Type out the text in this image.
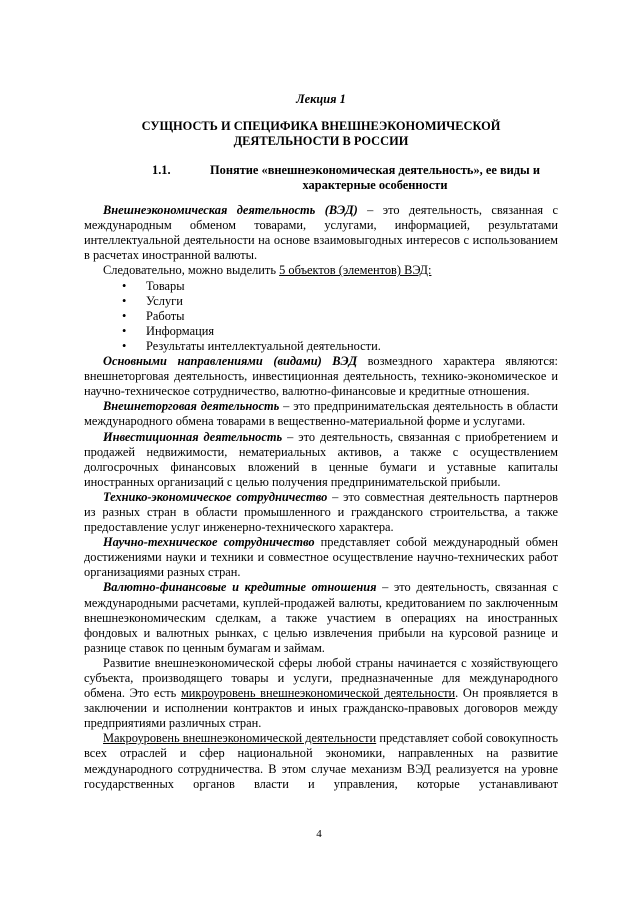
Лекция 1
СУЩНОСТЬ И СПЕЦИФИКА ВНЕШНЕЭКОНОМИЧЕСКОЙ
ДЕЯТЕЛЬНОСТИ В РОССИИ
1.1.	Понятие «внешнеэкономическая деятельность», ее виды и
характерные особенности

Внешнеэкономическая деятельность (ВЭД) – это деятельность, связанная с международным обменом товарами, услугами, информацией, результатами интеллектуальной деятельности на основе взаимовыгодных интересов с использованием в расчетах иностранной валюты.

Следовательно, можно выделить 5 объектов (элементов) ВЭД:

• Товары
• Услуги
• Работы
• Информация
• Результаты интеллектуальной деятельности.

Основными направлениями (видами) ВЭД возмездного характера являются: внешнеторговая деятельность, инвестиционная деятельность, технико-экономическое и научно-техническое сотрудничество, валютно-финансовые и кредитные отношения.

Внешнеторговая деятельность – это предпринимательская деятельность в области международного обмена товарами в вещественно-материальной форме и услугами.

Инвестиционная деятельность – это деятельность, связанная с приобретением и продажей недвижимости, нематериальных активов, а также с осуществлением долгосрочных финансовых вложений в ценные бумаги и уставные капиталы иностранных организаций с целью получения предпринимательской прибыли.

Технико-экономическое сотрудничество – это совместная деятельность партнеров из разных стран в области промышленного и гражданского строительства, а также предоставление услуг инженерно-технического характера.

Научно-техническое сотрудничество представляет собой международный обмен достижениями науки и техники и совместное осуществление научно-технических работ организациями разных стран.

Валютно-финансовые и кредитные отношения – это деятельность, связанная с международными расчетами, куплей-продажей валюты, кредитованием по заключенным внешнеэкономическим сделкам, а также участием в операциях на иностранных фондовых и валютных рынках, с целью извлечения прибыли на курсовой разнице и разнице ставок по ценным бумагам и займам.

Развитие внешнеэкономической сферы любой страны начинается с хозяйствующего субъекта, производящего товары и услуги, предназначенные для международного обмена. Это есть микроуровень внешнеэкономической деятельности. Он проявляется в заключении и исполнении контрактов и иных гражданско-правовых договоров между предприятиями различных стран.

Макроуровень внешнеэкономической деятельности представляет собой совокупность всех отраслей и сфер национальной экономики, направленных на развитие международного сотрудничества. В этом случае механизм ВЭД реализуется на уровне государственных органов власти и управления, которые устанавливают

4
